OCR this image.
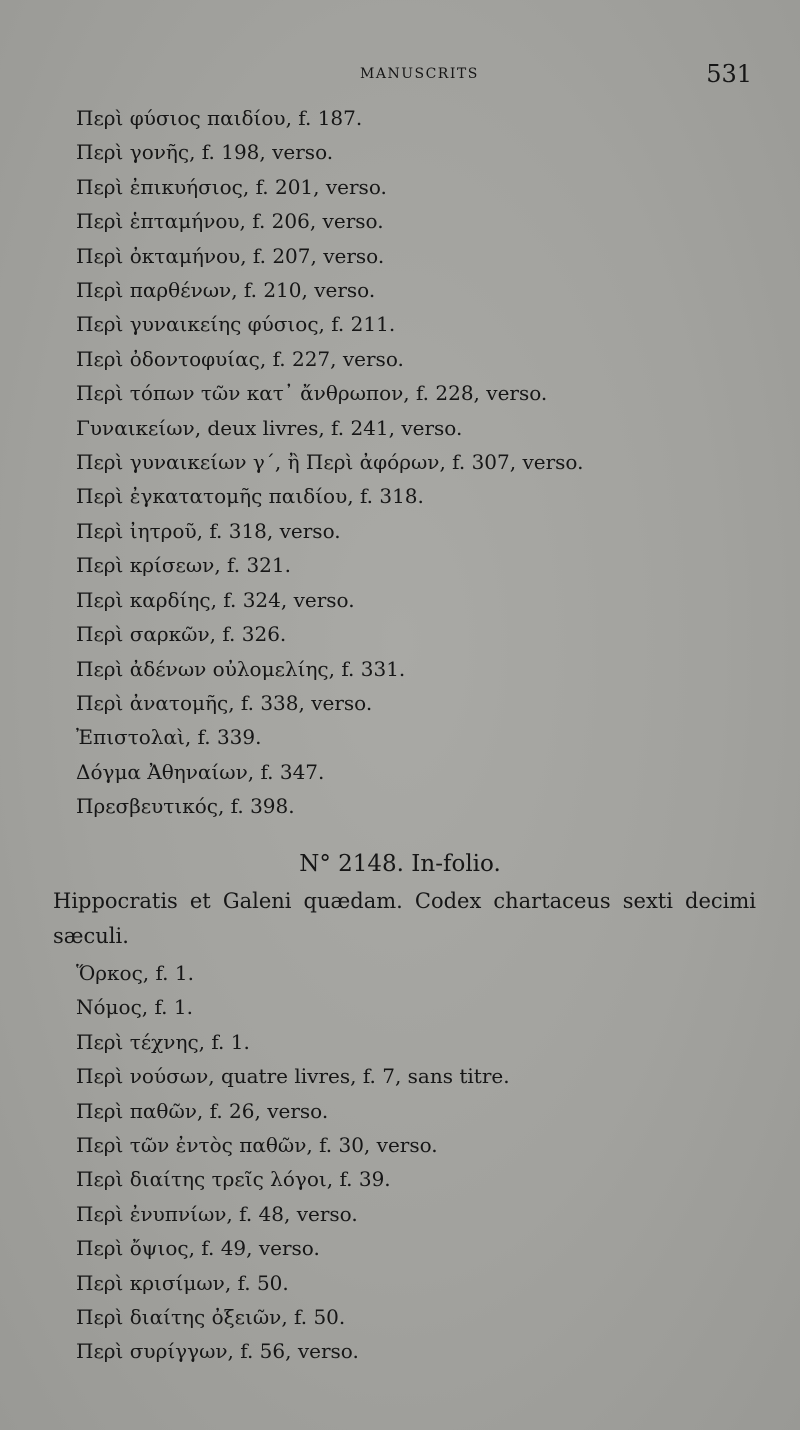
MANUSCRITS	531
Περὶ φύσιος παιδίου, f. 187.
Περὶ γονῆς, f. 198, verso.
Περὶ ἐπικυήσιος, f. 201, verso.
Περὶ ἑπταμήνου, f. 206, verso.
Περὶ ὀκταμήνου, f. 207, verso.
Περὶ παρθένων, f. 210, verso.
Περὶ γυναικείης φύσιος, f. 211.
Περὶ ὀδοντοφυίας, f. 227, verso.
Περὶ τόπων τῶν κατ᾽ ἄνθρωπον, f. 228, verso.
Γυναικείων, deux livres, f. 241, verso.
Περὶ γυναικείων γ΄, ἢ Περὶ ἀφόρων, f. 307, verso.
Περὶ ἐγκατατομῆς παιδίου, f. 318.
Περὶ ἰητροῦ, f. 318, verso.
Περὶ κρίσεων, f. 321.
Περὶ καρδίης, f. 324, verso.
Περὶ σαρκῶν, f. 326.
Περὶ ἀδένων οὐλομελίης, f. 331.
Περὶ ἀνατομῆς, f. 338, verso.
Ἐπιστολαὶ, f. 339.
Δόγμα Ἀθηναίων, f. 347.
Πρεσβευτικός, f. 398.
N° 2148. In-folio.
Hippocratis et Galeni quædam. Codex chartaceus sexti decimi sæculi.
Ὅρκος, f. 1.
Νόμος, f. 1.
Περὶ τέχνης, f. 1.
Περὶ νούσων, quatre livres, f. 7, sans titre.
Περὶ παθῶν, f. 26, verso.
Περὶ τῶν ἐντὸς παθῶν, f. 30, verso.
Περὶ διαίτης τρεῖς λόγοι, f. 39.
Περὶ ἐνυπνίων, f. 48, verso.
Περὶ ὄψιος, f. 49, verso.
Περὶ κρισίμων, f. 50.
Περὶ διαίτης ὀξειῶν, f. 50.
Περὶ συρίγγων, f. 56, verso.
